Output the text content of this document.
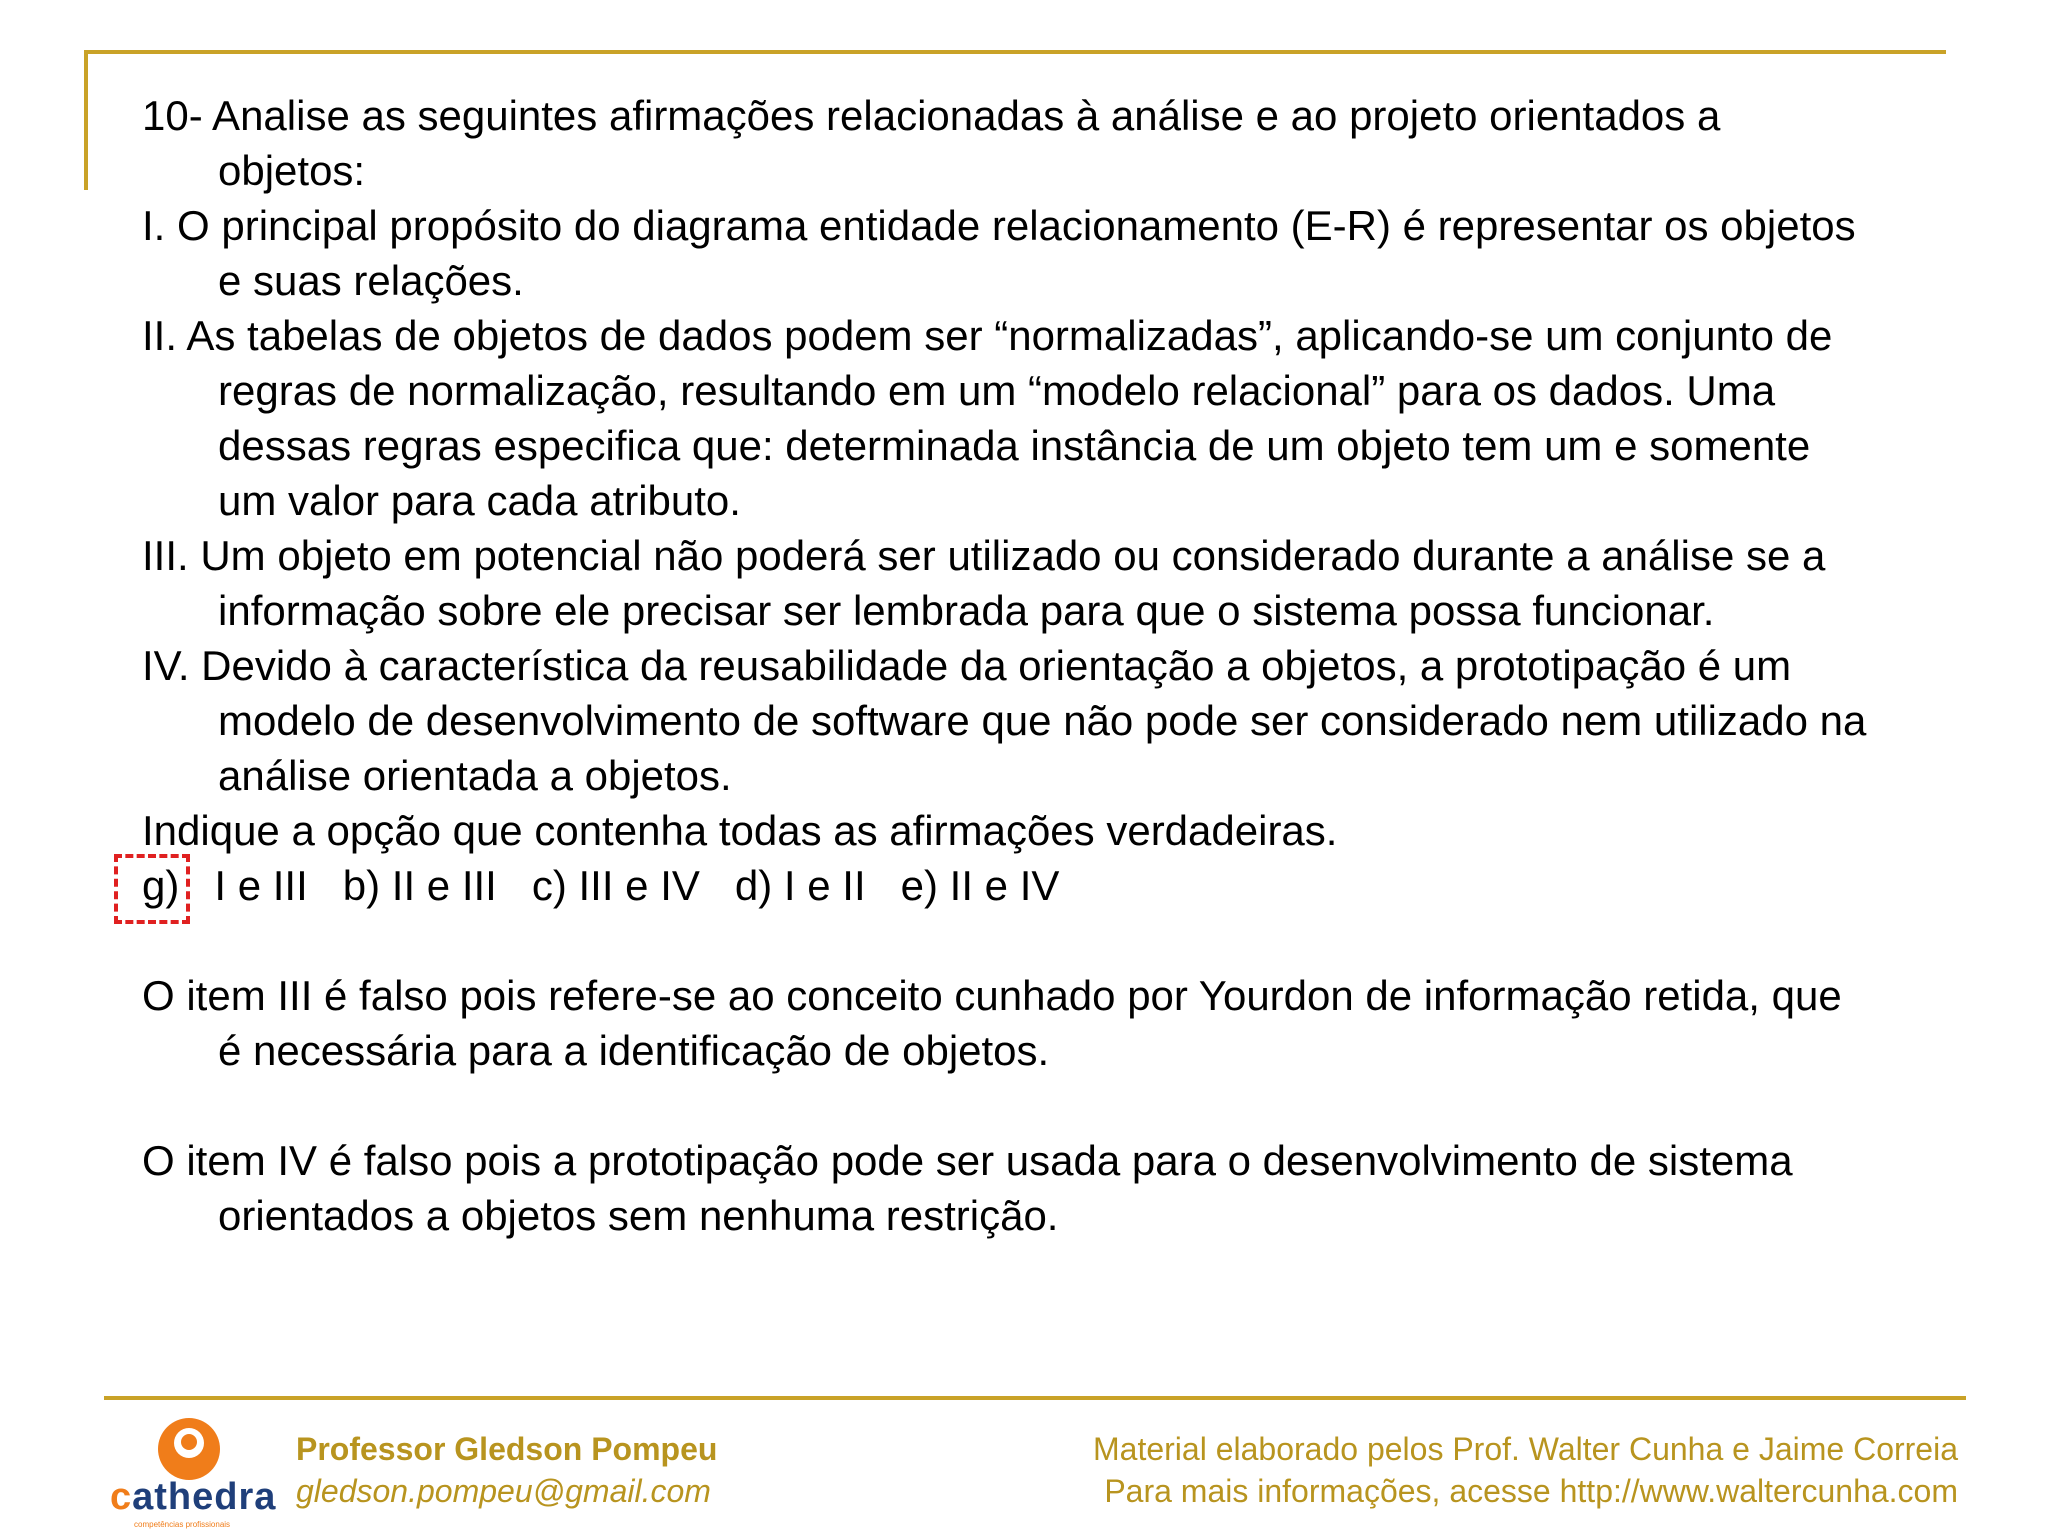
10- Analise as seguintes afirmações relacionadas à análise e ao projeto orientados a
objetos:

I. O principal propósito do diagrama entidade relacionamento (E-R) é representar os objetos
e suas relações.

II. As tabelas de objetos de dados podem ser “normalizadas”, aplicando-se um conjunto de
regras de normalização, resultando em um “modelo relacional” para os dados. Uma
dessas regras especifica que: determinada instância de um objeto tem um e somente
um valor para cada atributo.

III. Um objeto em potencial não poderá ser utilizado ou considerado durante a análise se a
informação sobre ele precisar ser lembrada para que o sistema possa funcionar.

IV. Devido à característica da reusabilidade da orientação a objetos, a prototipação é um
modelo de desenvolvimento de software que não pode ser considerado nem utilizado na
análise orientada a objetos.

Indique a opção que contenha todas as afirmações verdadeiras.

g) I e III b) II e III c) III e IV d) I e II e) II e IV

O item III é falso pois refere-se ao conceito cunhado por Yourdon de informação retida, que
é necessária para a identificação de objetos.

O item IV é falso pois a prototipação pode ser usada para o desenvolvimento de sistema
orientados a objetos sem nenhuma restrição.

cathedra
competências profissionais
Professor Gledson Pompeu
gledson.pompeu@gmail.com
Material elaborado pelos Prof. Walter Cunha e Jaime Correia
Para mais informações, acesse http://www.waltercunha.com
